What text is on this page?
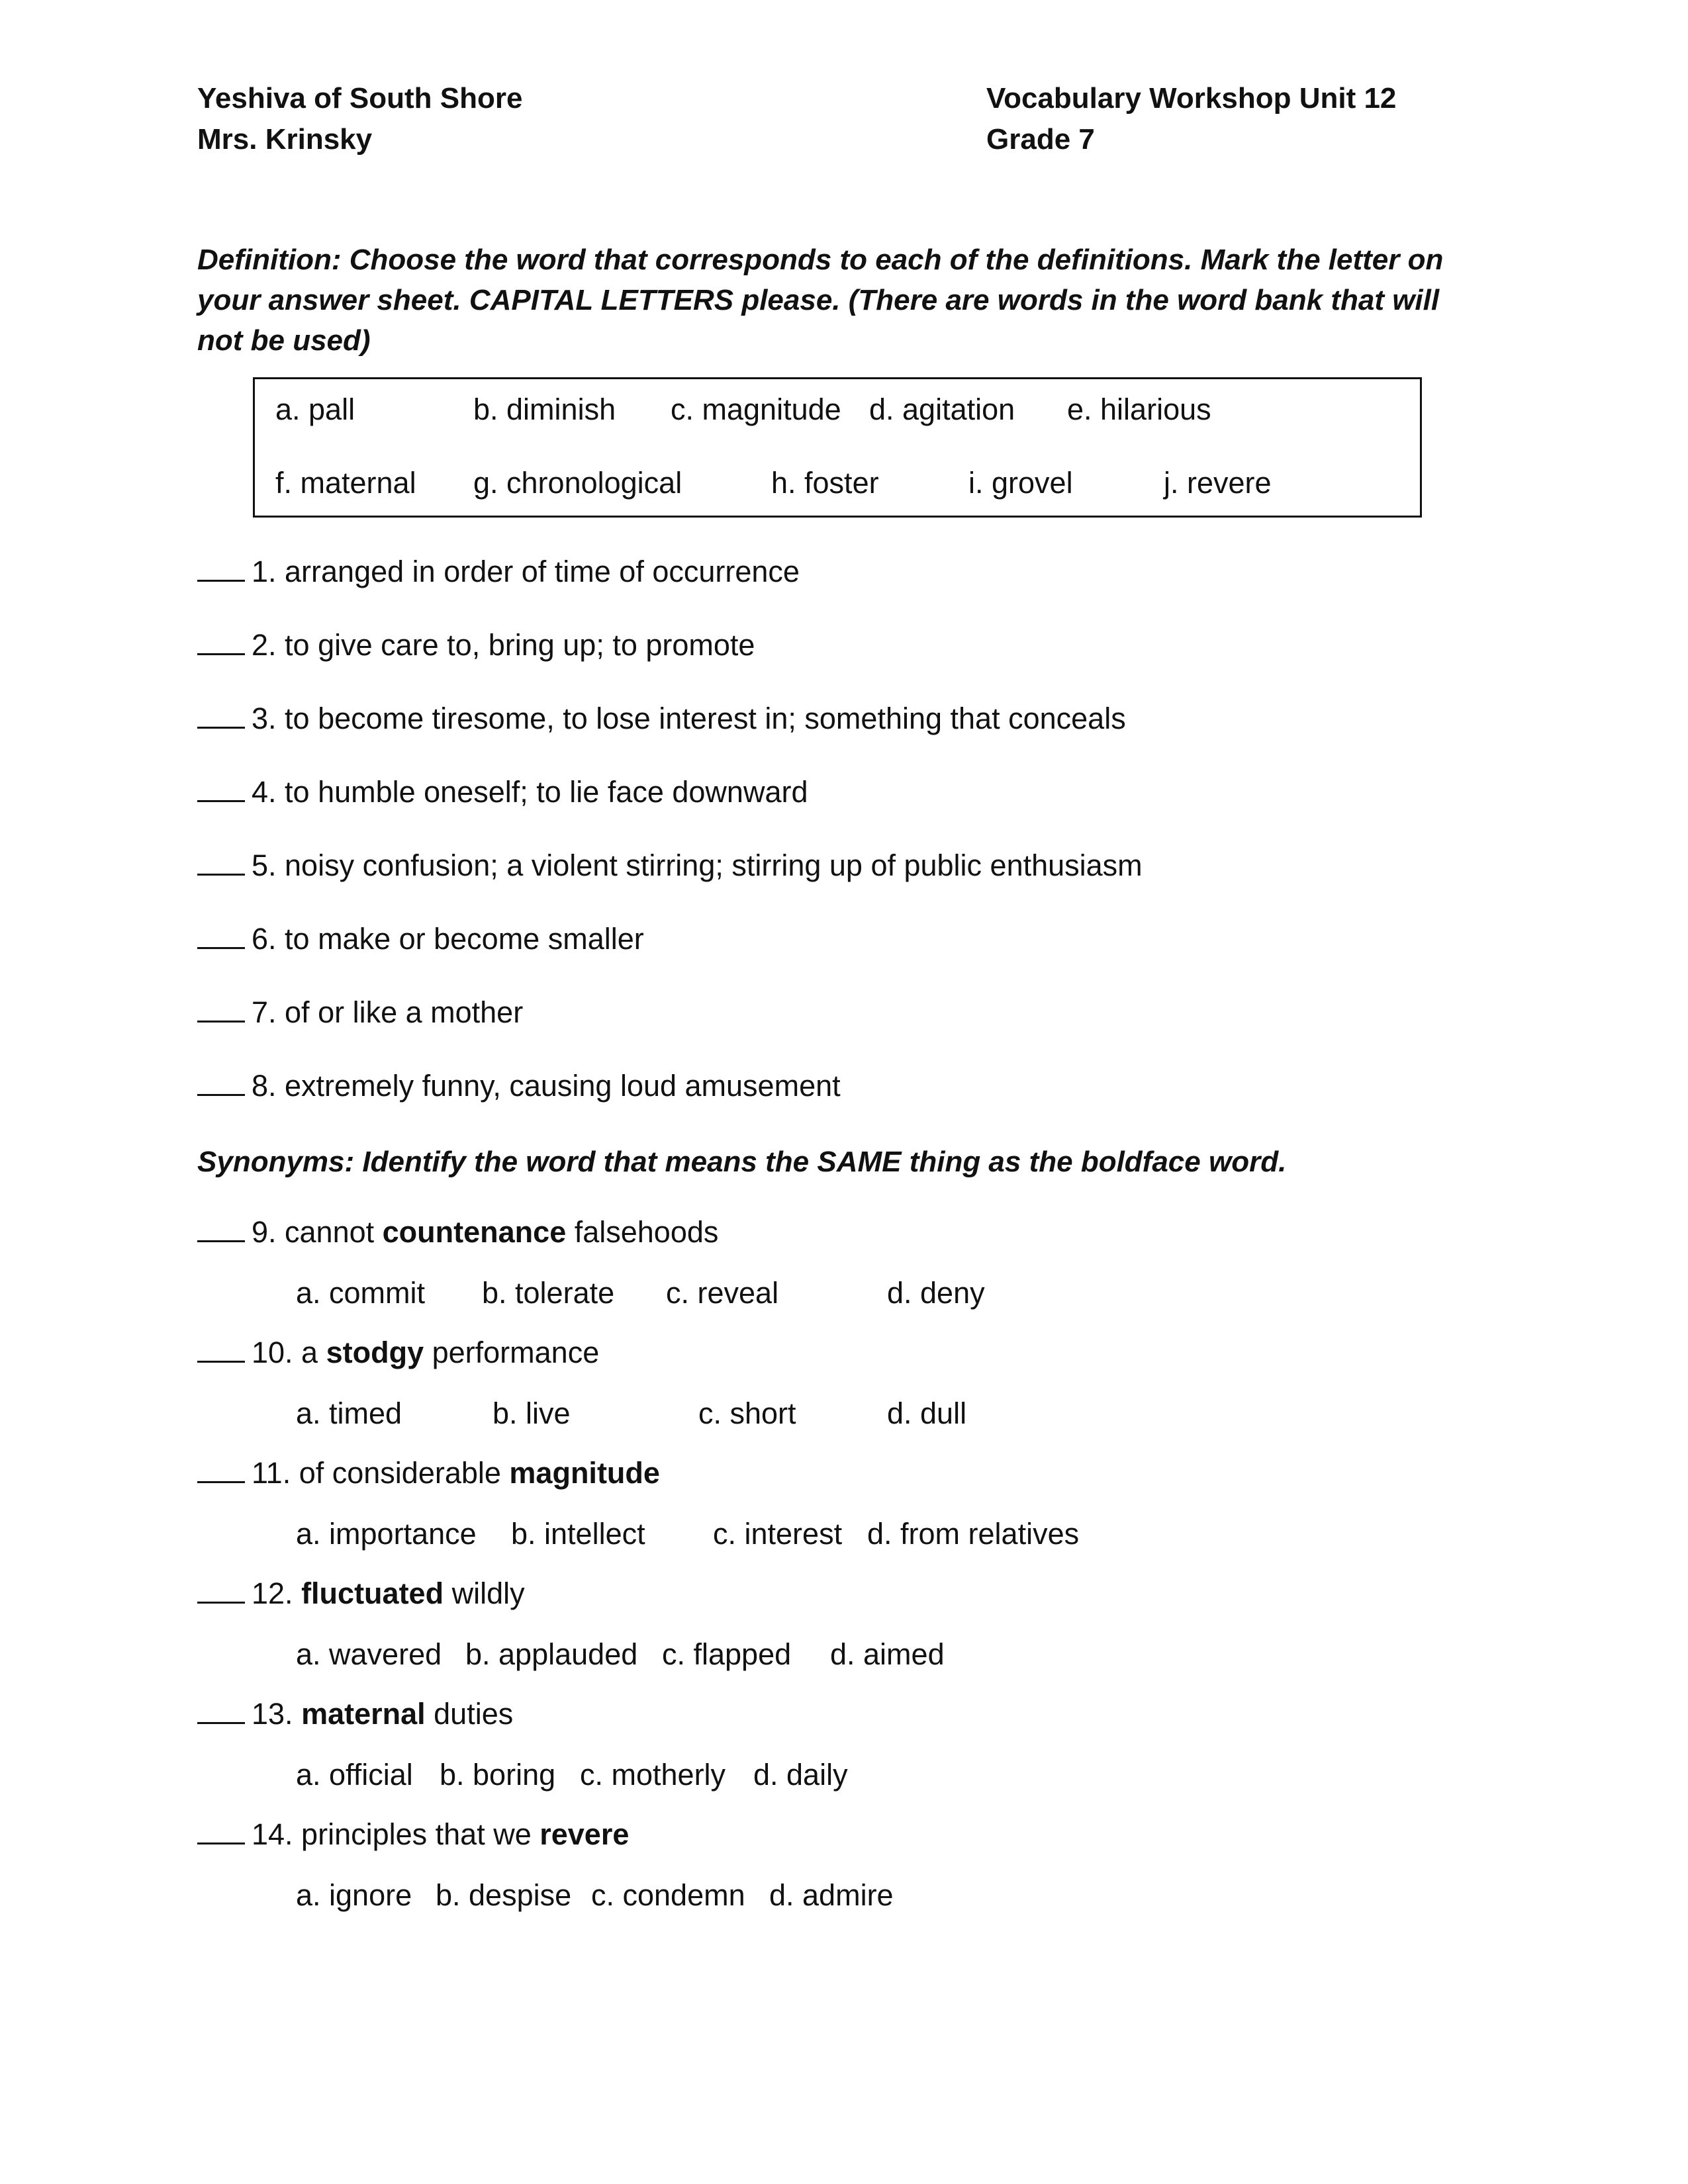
Yeshiva of South Shore
Mrs. Krinsky
Vocabulary Workshop Unit 12
Grade 7
Definition: Choose the word that corresponds to each of the definitions. Mark the letter on your answer sheet. CAPITAL LETTERS please. (There are words in the word bank that will not be used)
a. pall	b. diminish c. magnitude d. agitation e. hilarious
f. maternal g. chronological	h. foster	i. grovel	j. revere
1. arranged in order of time of occurrence
2. to give care to, bring up; to promote
3. to become tiresome, to lose interest in; something that conceals
4. to humble oneself; to lie face downward
5. noisy confusion; a violent stirring; stirring up of public enthusiasm
6. to make or become smaller
7. of or like a mother
8. extremely funny, causing loud amusement
Synonyms: Identify the word that means the SAME thing as the boldface word.
9. cannot countenance falsehoods
a. commit b. tolerate c. reveal	d. deny
10. a stodgy performance
a. timed	b. live	c. short	d. dull
11. of considerable magnitude
a. importance b. intellect c. interest d. from relatives
12. fluctuated wildly
a. wavered b. applauded c. flapped d. aimed
13. maternal duties
a. official b. boring c. motherly d. daily
14. principles that we revere
a. ignore b. despise c. condemn d. admire
